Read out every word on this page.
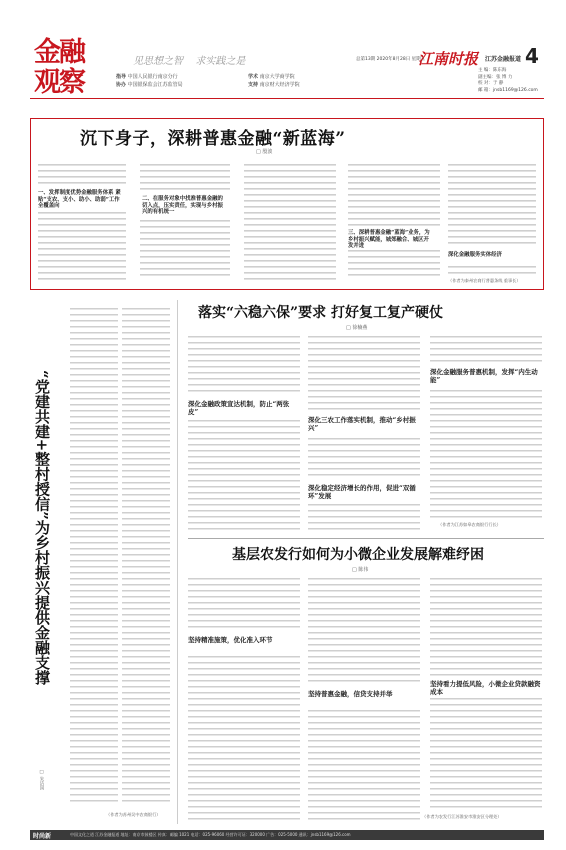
金融
观察
见思想之智 求实践之是	总第13期 2020年8月28日 星期五
江南时报 江苏金融报道 4
指导 中国人民银行南京分行
协办 中国银保监会江苏监管局
学术 南京大学商学院
支持 南京财大经济学院
主 编：陈东海
副主编：张 博 力
校 对：于 静
邮 箱：jnsb1169@126.com
沉下身子，深耕普惠金融“新蓝海”
□ 殷波
一、发挥制度优势金融服务体系 紧贴“支农、支小、助小、助弱”工作全覆盖向
二、在服务对象中找准普惠金融的切入点，压实责任，实现与乡村振兴的有机统一
三、深耕普惠金融“蓝海”业务，为乡村振兴赋能，城郊融合、城区开发并进
深化金融服务实体经济
（作者为泰州农商行普惠条线 重事长）
“党建共建+整村授信”为乡村振兴提供金融支撑
□ 朱洁国
（作者为苏州吴中农商银行）
落实“六稳六保”要求 打好复工复产硬仗
□ 徐楠燕
深化金融政策宣达机制，防止“两张皮”
深化三农工作落实机制，推动“乡村振兴”
深化稳定经济增长的作用，促进“双循环”发展
深化金融服务普惠机制，发挥“内生动能”
（作者为江苏如皋农商银行行长）
基层农发行如何为小微企业发展解难纾困
□ 陈伟
坚持精准施策，优化准入环节
坚持普惠金融，信贷支持并举
坚持看力提低风险，小微企业贷款融资成本
（作者为农发行江苏淮安市淮安区分理处）
时尚新	中国文化之道 江苏金融报道 地址：南京市鼓楼区 传真：邮编 1021 电话：025-96060 经营许可证：320000 广告：025-5000 通讯：jnsb1169@126.com
